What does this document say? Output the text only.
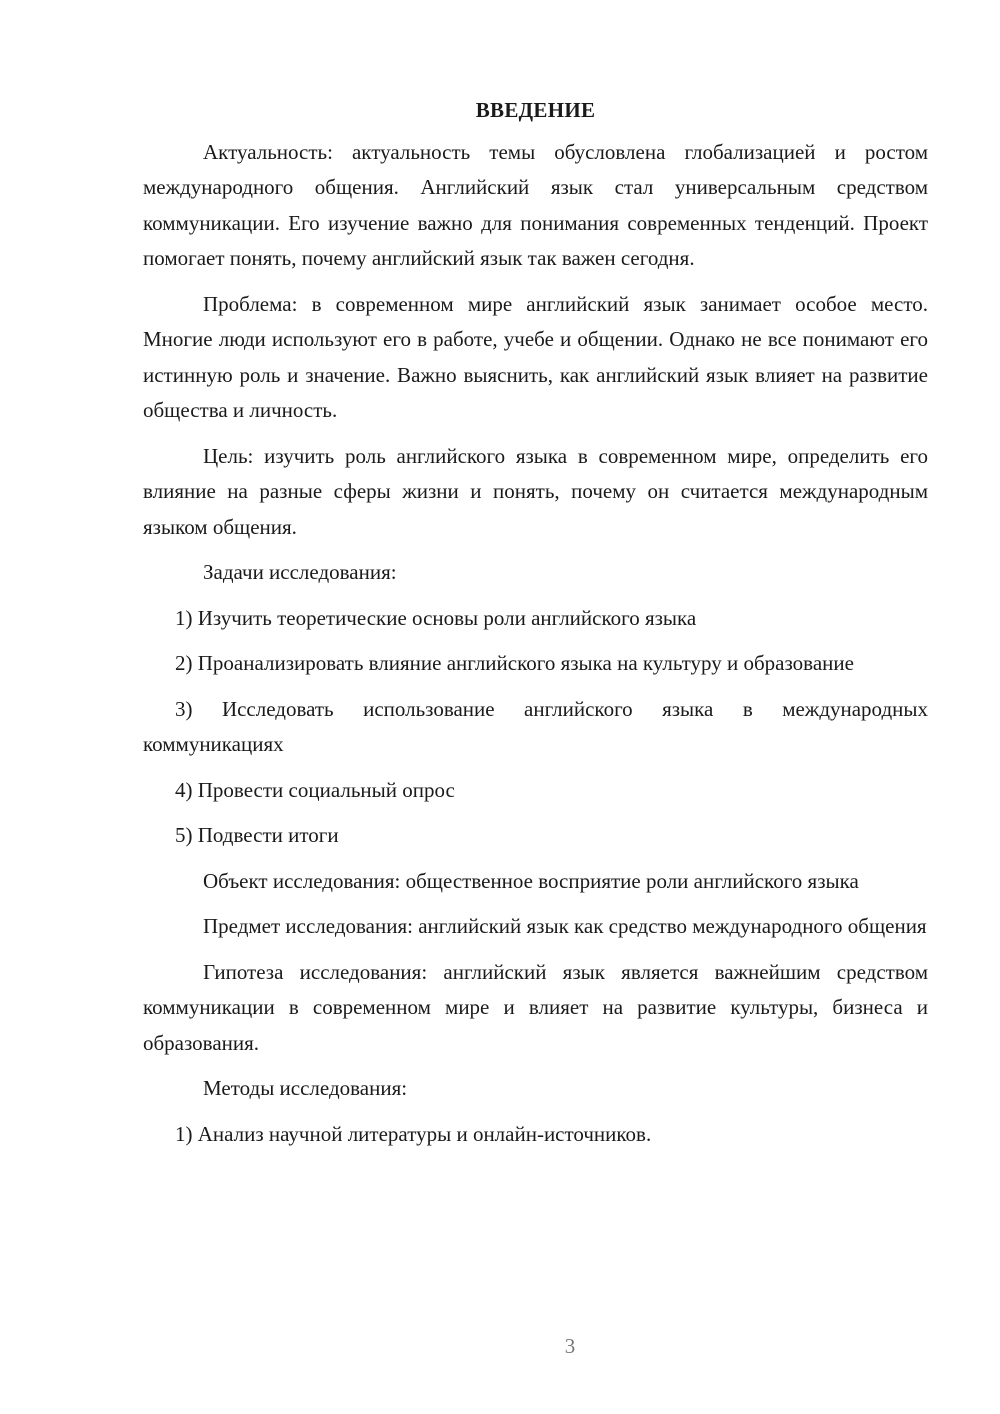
ВВЕДЕНИЕ

Актуальность: актуальность темы обусловлена глобализацией и ростом международного общения. Английский язык стал универсальным средством коммуникации. Его изучение важно для понимания современных тенденций. Проект помогает понять, почему английский язык так важен сегодня.

Проблема: в современном мире английский язык занимает особое место. Многие люди используют его в работе, учебе и общении. Однако не все понимают его истинную роль и значение. Важно выяснить, как английский язык влияет на развитие общества и личность.

Цель: изучить роль английского языка в современном мире, определить его влияние на разные сферы жизни и понять, почему он считается международным языком общения.

Задачи исследования:

1) Изучить теоретические основы роли английского языка

2) Проанализировать влияние английского языка на культуру и образование

3) Исследовать использование английского языка в международных коммуникациях

4) Провести социальный опрос

5) Подвести итоги

Объект исследования: общественное восприятие роли английского языка

Предмет исследования: английский язык как средство международного общения

Гипотеза исследования: английский язык является важнейшим средством коммуникации в современном мире и влияет на развитие культуры, бизнеса и образования.

Методы исследования:

1) Анализ научной литературы и онлайн-источников.

3
